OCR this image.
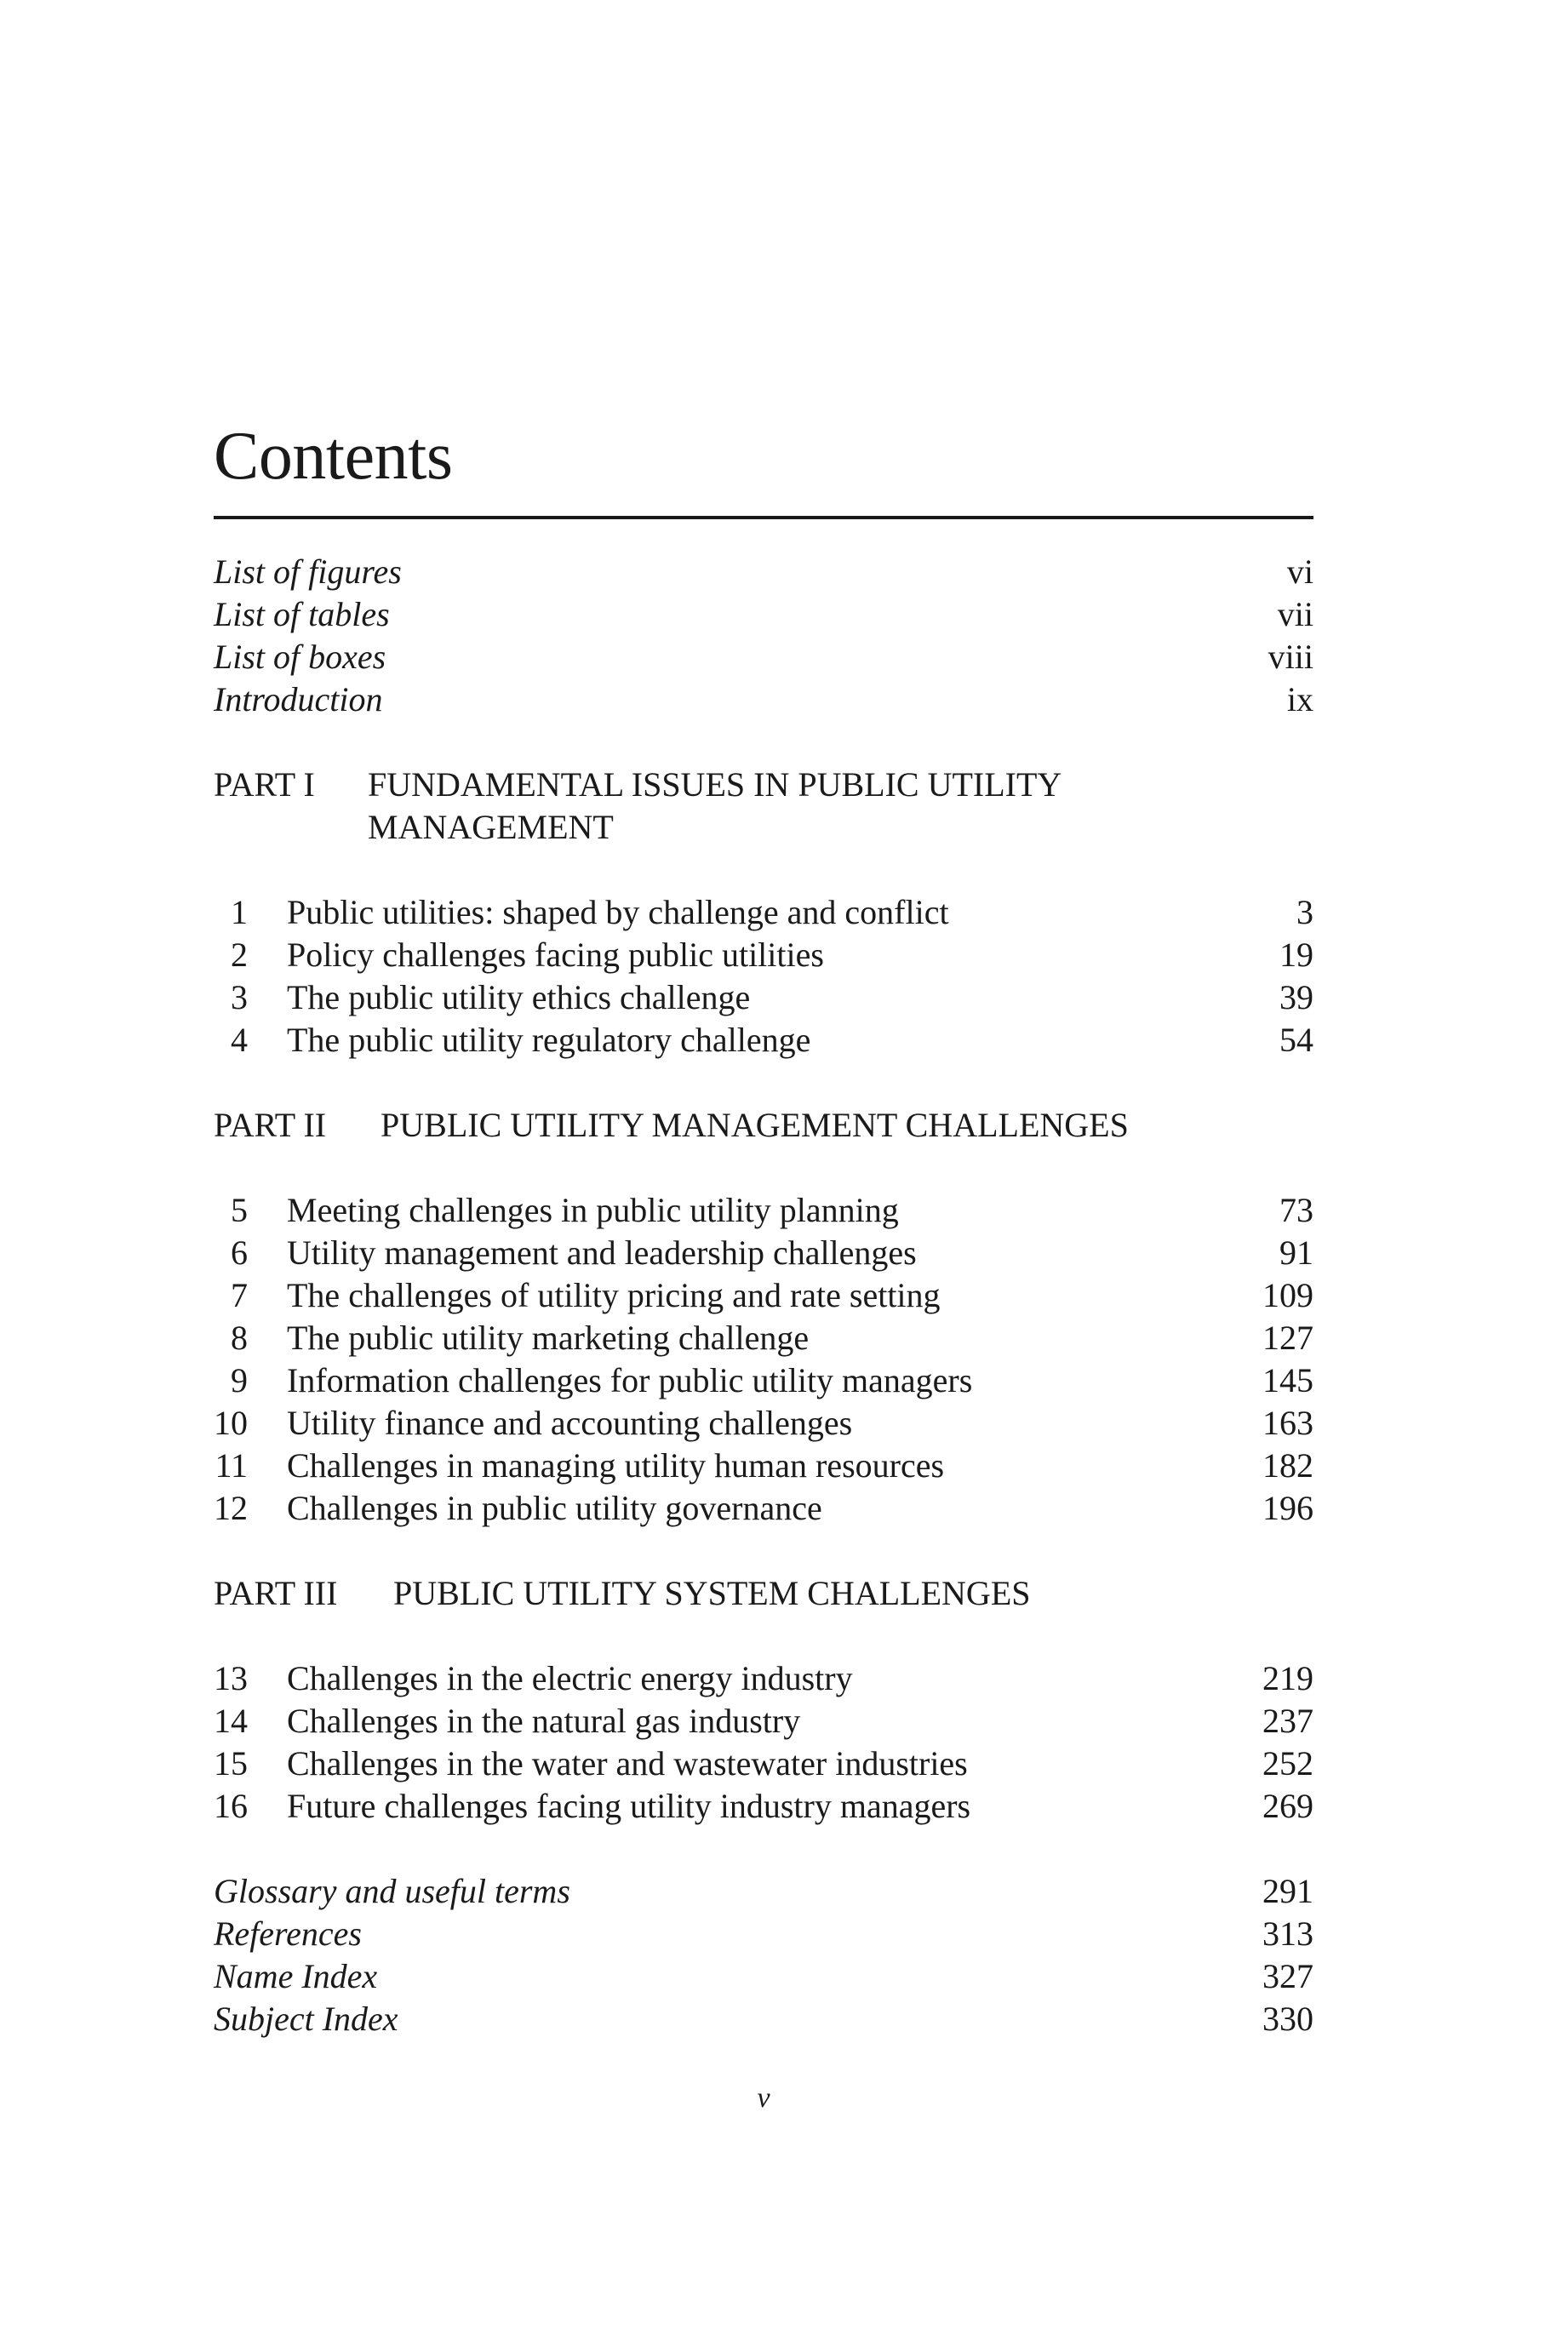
Contents
List of figures	vi
List of tables	vii
List of boxes	viii
Introduction	ix
PART I FUNDAMENTAL ISSUES IN PUBLIC UTILITY
MANAGEMENT
1 Public utilities: shaped by challenge and conflict	3
2 Policy challenges facing public utilities	19
3 The public utility ethics challenge	39
4 The public utility regulatory challenge	54
PART II PUBLIC UTILITY MANAGEMENT CHALLENGES
5 Meeting challenges in public utility planning	73
6 Utility management and leadership challenges	91
7 The challenges of utility pricing and rate setting	109
8 The public utility marketing challenge	127
9 Information challenges for public utility managers	145
10 Utility finance and accounting challenges	163
11 Challenges in managing utility human resources	182
12 Challenges in public utility governance	196
PART III PUBLIC UTILITY SYSTEM CHALLENGES
13 Challenges in the electric energy industry	219
14 Challenges in the natural gas industry	237
15 Challenges in the water and wastewater industries	252
16 Future challenges facing utility industry managers	269
Glossary and useful terms	291
References	313
Name Index	327
Subject Index	330
v
